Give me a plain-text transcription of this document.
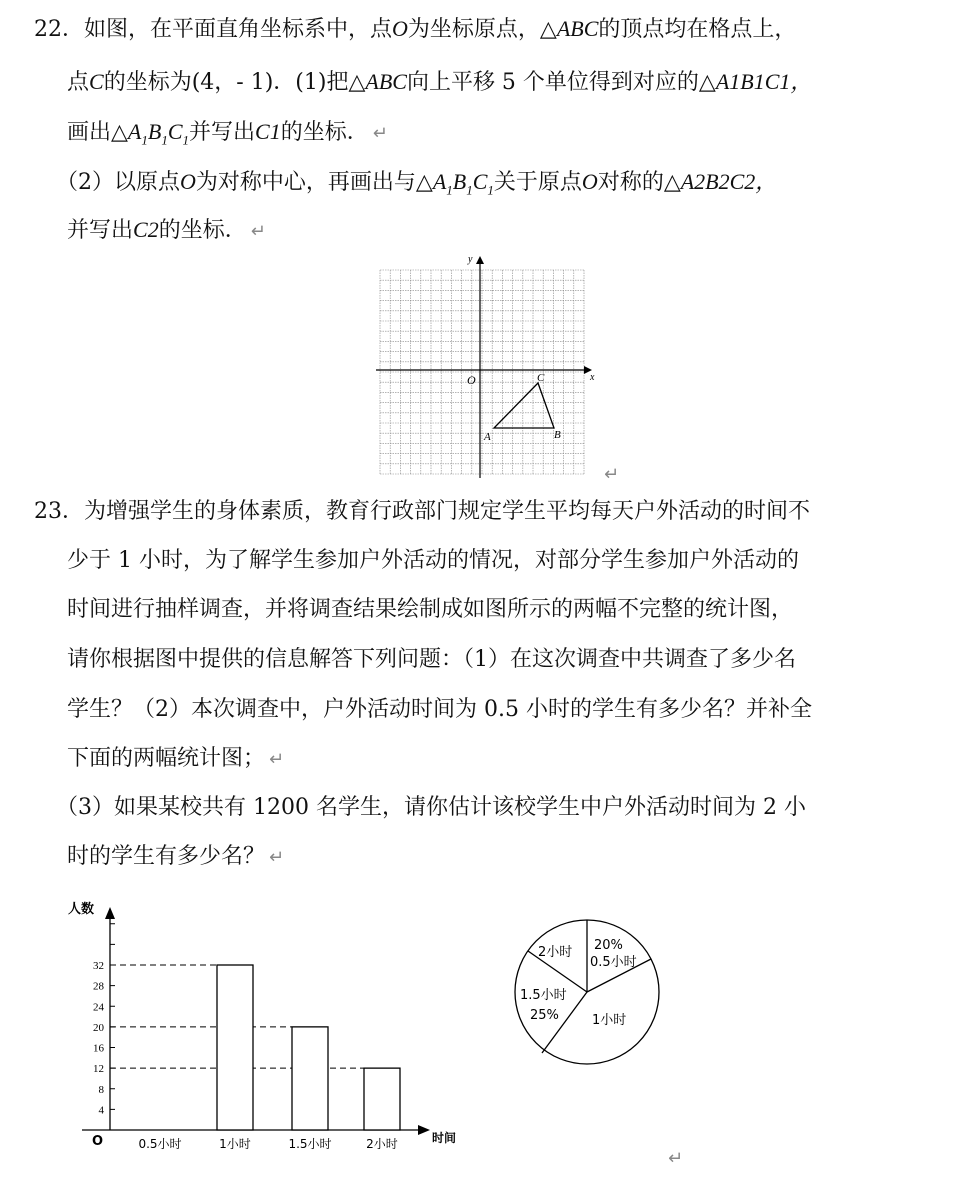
22．如图，在平面直角坐标系中，点O为坐标原点，△ABC的顶点均在格点上，
点C的坐标为(4，- 1)．(1)把△ABC向上平移 5 个单位得到对应的△A1B1C1，
画出$\triangle A_1B_1C_1$并写出C1的坐标． ↵
（2）以原点O为对称中心，再画出与$\triangle A_1B_1C_1$关于原点O对称的△A2B2C2，
并写出C2的坐标． ↵
x
y
O
A	B
C
↵
23．为增强学生的身体素质，教育行政部门规定学生平均每天户外活动的时间不
少于 1 小时，为了解学生参加户外活动的情况，对部分学生参加户外活动的
时间进行抽样调查，并将调查结果绘制成如图所示的两幅不完整的统计图，
请你根据图中提供的信息解答下列问题：（1）在这次调查中共调查了多少名
学生？（2）本次调查中，户外活动时间为 0.5 小时的学生有多少名？并补全
下面的两幅统计图； ↵
（3）如果某校共有 1200 名学生，请你估计该校学生中户外活动时间为 2 小
时的学生有多少名？ ↵
人数
时间
O
4
8
12
16
20
24
28
32
0.5小时	1小时	1.5小时	2小时
↵
2小时 20%
0.5小时
1小时
1.5小时
25%
